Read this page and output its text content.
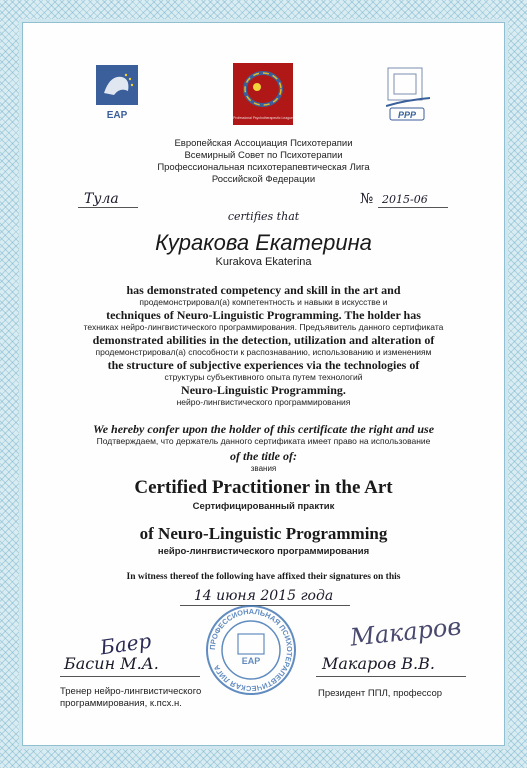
EAP	Professional Psychotherapeutic League	PPP
Европейская Ассоциация Психотерапии
Всемирный Совет по Психотерапии
Профессиональная психотерапевтическая Лига
Российской Федерации
Тула	№ 2015-06
certifies that
Куракова Екатерина
Kurakova Ekaterina
has demonstrated competency and skill in the art and
продемонстрировал(а) компетентность и навыки в искусстве и
techniques of Neuro-Linguistic Programming. The holder has
техниках нейро-лингвистического программирования. Предъявитель данного сертификата
demonstrated abilities in the detection, utilization and alteration of
продемонстрировал(а) способности к распознаванию, использованию и изменениям
the structure of subjective experiences via the technologies of
структуры субъективного опыта путем технологий
Neuro-Linguistic Programming.
нейро-лингвистического программирования
We hereby confer upon the holder of this certificate the right and use
Подтверждаем, что держатель данного сертификата имеет право на использование
of the title of:
звания
Certified Practitioner in the Art
Сертифицированный практик
of Neuro-Linguistic Programming
нейро-лингвистического программирования
In witness thereof the following have affixed their signatures on this
14 июня 2015 года
Баер
Басин М.А.
Тренер нейро-лингвистического
программирования, к.псх.н.
ПРОФЕССИОНАЛЬНАЯ ПСИХОТЕРАПЕВТИЧЕСКАЯ ЛИГА
EAP
Макаров
Макаров В.В.
Президент ППЛ, профессор
